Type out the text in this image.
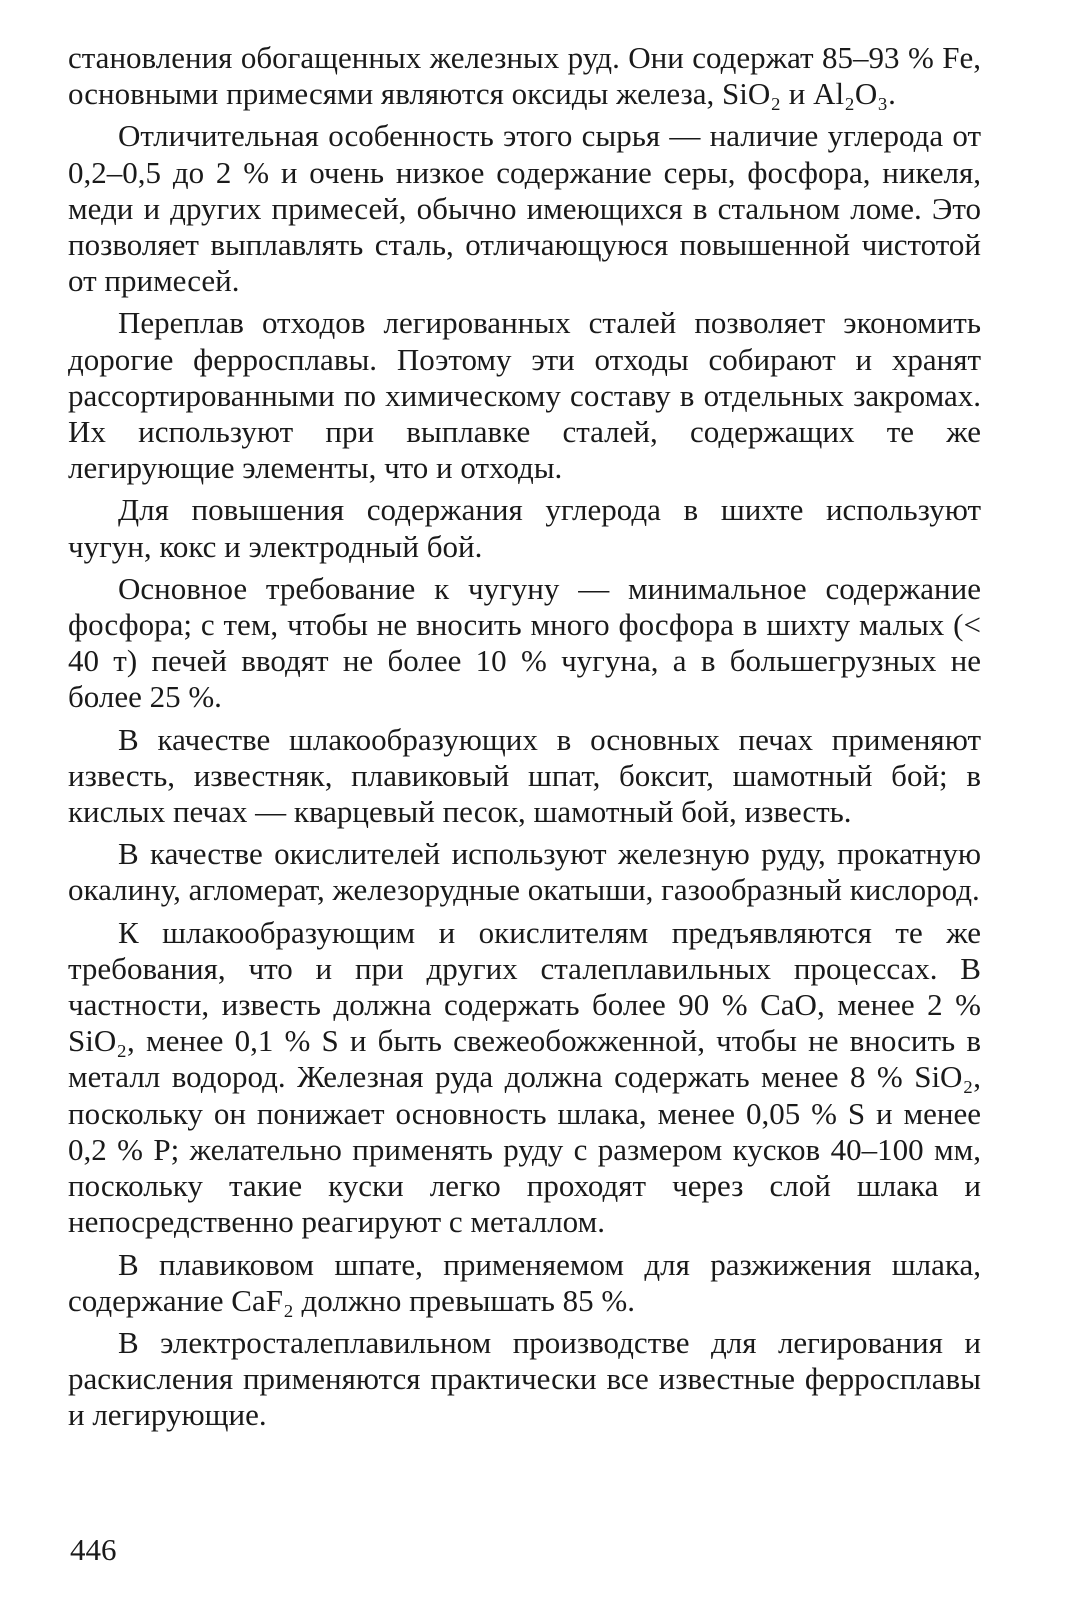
становления обогащенных железных руд. Они содержат 85–93 % Fe, основными примесями являются оксиды железа, SiO₂ и Al₂O₃.

Отличительная особенность этого сырья — наличие углерода от 0,2–0,5 до 2 % и очень низкое содержание серы, фосфора, никеля, меди и других примесей, обычно имеющихся в стальном ломе. Это позволяет выплавлять сталь, отличающуюся повышенной чистотой от примесей.

Переплав отходов легированных сталей позволяет экономить дорогие ферросплавы. Поэтому эти отходы собирают и хранят рассортированными по химическому составу в отдельных закромах. Их используют при выплавке сталей, содержащих те же легирующие элементы, что и отходы.

Для повышения содержания углерода в шихте используют чугун, кокс и электродный бой.

Основное требование к чугуну — минимальное содержание фосфора; с тем, чтобы не вносить много фосфора в шихту малых (< 40 т) печей вводят не более 10 % чугуна, а в большегрузных не более 25 %.

В качестве шлакообразующих в основных печах применяют известь, известняк, плавиковый шпат, боксит, шамотный бой; в кислых печах — кварцевый песок, шамотный бой, известь.

В качестве окислителей используют железную руду, прокатную окалину, агломерат, железорудные окатыши, газообразный кислород.

К шлакообразующим и окислителям предъявляются те же требования, что и при других сталеплавильных процессах. В частности, известь должна содержать более 90 % CaO, менее 2 % SiO₂, менее 0,1 % S и быть свежеобожженной, чтобы не вносить в металл водород. Железная руда должна содержать менее 8 % SiO₂, поскольку он понижает основность шлака, менее 0,05 % S и менее 0,2 % P; желательно применять руду с размером кусков 40–100 мм, поскольку такие куски легко проходят через слой шлака и непосредственно реагируют с металлом.

В плавиковом шпате, применяемом для разжижения шлака, содержание CaF₂ должно превышать 85 %.

В электросталеплавильном производстве для легирования и раскисления применяются практически все известные ферросплавы и легирующие.

446
